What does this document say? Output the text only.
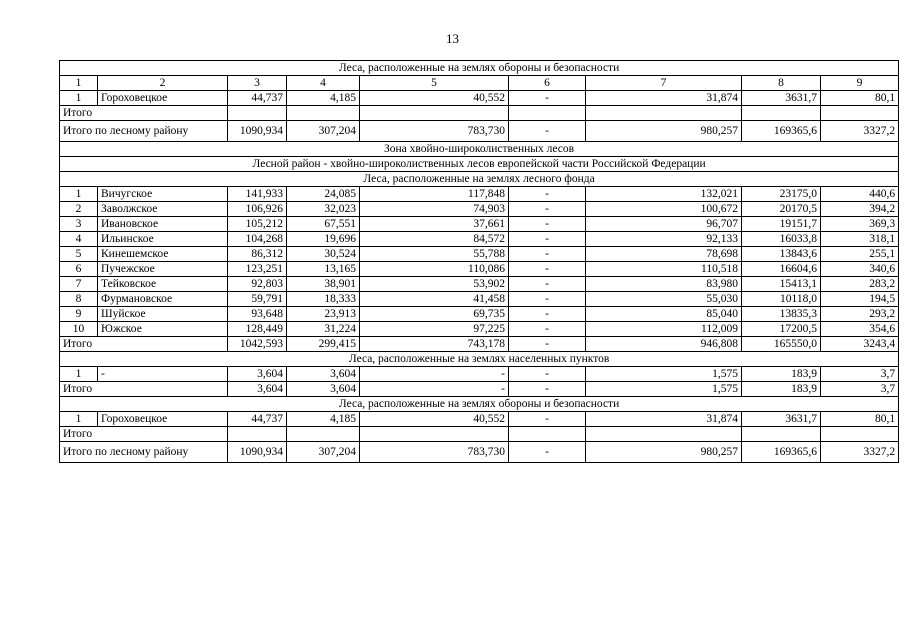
13
Леса, расположенные на землях обороны и безопасности								
1	2	3	4	5	6	7	8	9
1	Гороховецкое	44,737	4,185	40,552	-	31,874	3631,7	80,1
Итого								
Итого по лесному району		1090,934	307,204	783,730	-	980,257	169365,6	3327,2
Зона хвойно-широколиственных лесов								
Лесной район - хвойно-широколиственных лесов европейской части Российской Федерации								
Леса, расположенные на землях лесного фонда								
1	Вичугское	141,933	24,085	117,848	-	132,021	23175,0	440,6
2	Заволжское	106,926	32,023	74,903	-	100,672	20170,5	394,2
3	Ивановское	105,212	67,551	37,661	-	96,707	19151,7	369,3
4	Ильинское	104,268	19,696	84,572	-	92,133	16033,8	318,1
5	Кинешемское	86,312	30,524	55,788	-	78,698	13843,6	255,1
6	Пучежское	123,251	13,165	110,086	-	110,518	16604,6	340,6
7	Тейковское	92,803	38,901	53,902	-	83,980	15413,1	283,2
8	Фурмановское	59,791	18,333	41,458	-	55,030	10118,0	194,5
9	Шуйское	93,648	23,913	69,735	-	85,040	13835,3	293,2
10	Южское	128,449	31,224	97,225	-	112,009	17200,5	354,6
Итого		1042,593	299,415	743,178	-	946,808	165550,0	3243,4
Леса, расположенные на землях населенных пунктов								
1	-	3,604	3,604	-	-	1,575	183,9	3,7
Итого		3,604	3,604	-	-	1,575	183,9	3,7
Леса, расположенные на землях обороны и безопасности								
1	Гороховецкое	44,737	4,185	40,552	-	31,874	3631,7	80,1
Итого								
Итого по лесному району		1090,934	307,204	783,730	-	980,257	169365,6	3327,2
